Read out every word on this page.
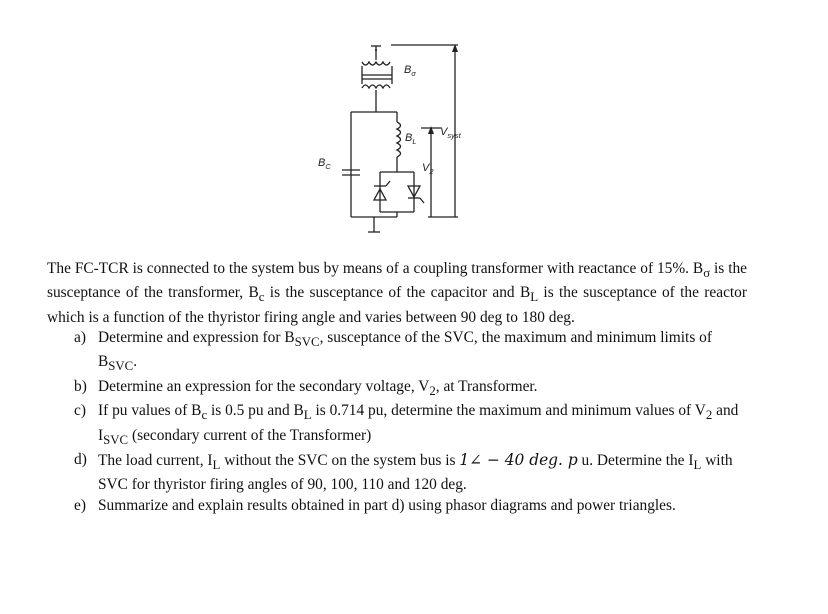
$B_\sigma$
$B_L$
$B_C$
$V_{syst}$
$V_2$

The FC-TCR is connected to the system bus by means of a coupling transformer with reactance of 15%. $B_\sigma$ is the susceptance of the transformer, $B_c$ is the susceptance of the capacitor and $B_L$ is the susceptance of the reactor which is a function of the thyristor firing angle and varies between 90 deg to 180 deg.

a) Determine and expression for $B_{SVC}$, susceptance of the SVC, the maximum and minimum limits of $B_{SVC}$.
b) Determine an expression for the secondary voltage, $V_2$, at Transformer.
c) If pu values of $B_c$ is 0.5 pu and $B_L$ is 0.714 pu, determine the maximum and minimum values of $V_2$ and $I_{SVC}$ (secondary current of the Transformer)
d) The load current, $I_L$ without the SVC on the system bus is 1∠ − 40 deg. p u. Determine the $I_L$ with SVC for thyristor firing angles of 90, 100, 110 and 120 deg.
e) Summarize and explain results obtained in part d) using phasor diagrams and power triangles.
